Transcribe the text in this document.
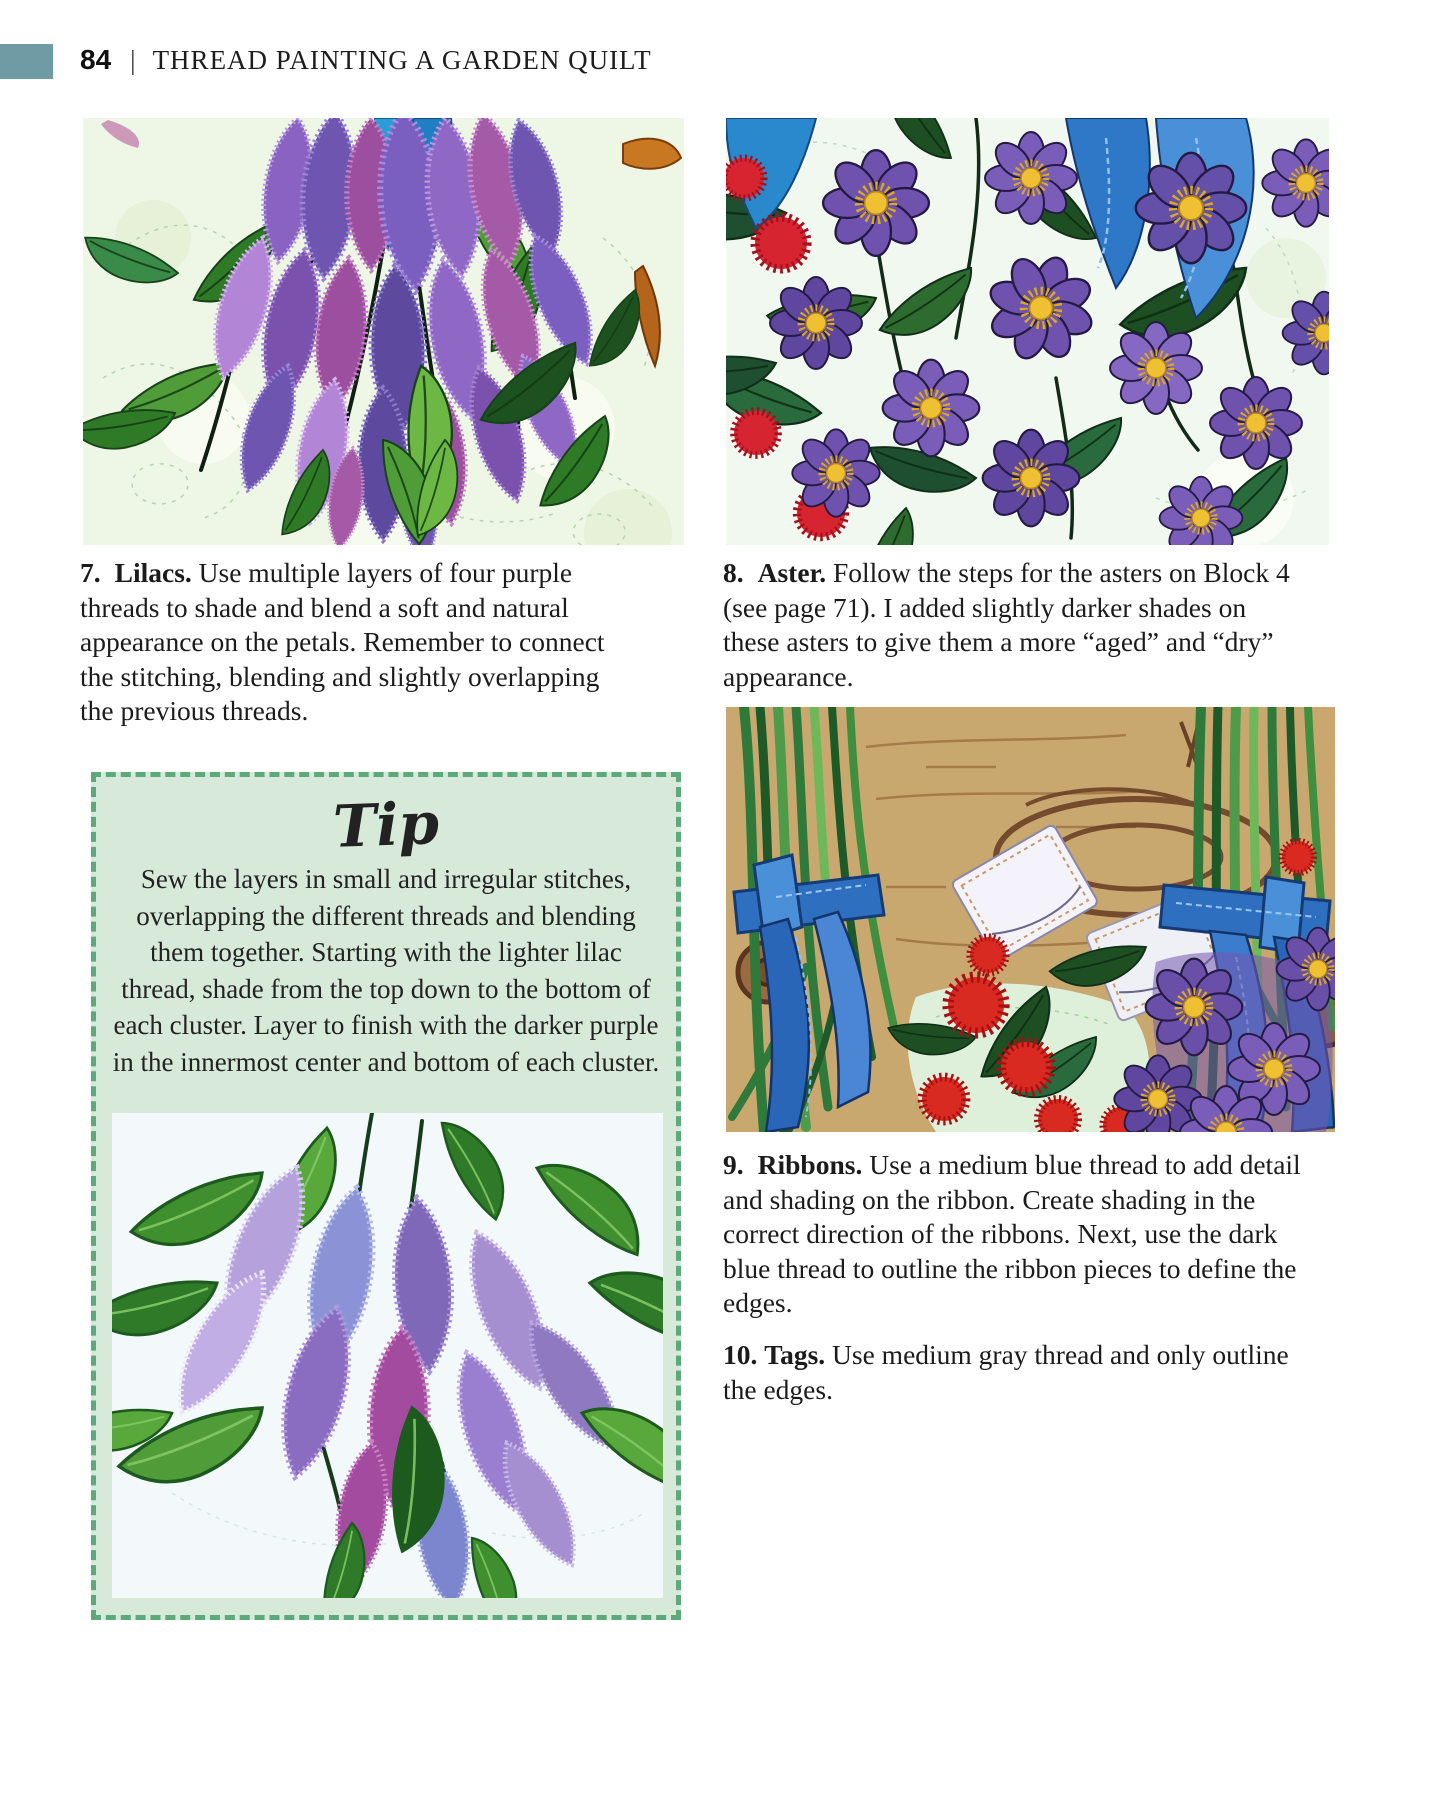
84 | THREAD PAINTING A GARDEN QUILT
7. Lilacs. Use multiple layers of four purple threads to shade and blend a soft and natural appearance on the petals. Remember to connect the stitching, blending and slightly overlapping the previous threads.
8. Aster. Follow the steps for the asters on Block 4 (see page 71). I added slightly darker shades on these asters to give them a more “aged” and “dry” appearance.
Tip
Sew the layers in small and irregular stitches, overlapping the different threads and blending them together. Starting with the lighter lilac thread, shade from the top down to the bottom of each cluster. Layer to finish with the darker purple in the innermost center and bottom of each cluster.
9. Ribbons. Use a medium blue thread to add detail and shading on the ribbon. Create shading in the correct direction of the ribbons. Next, use the dark blue thread to outline the ribbon pieces to define the edges.
10. Tags. Use medium gray thread and only outline the edges.
